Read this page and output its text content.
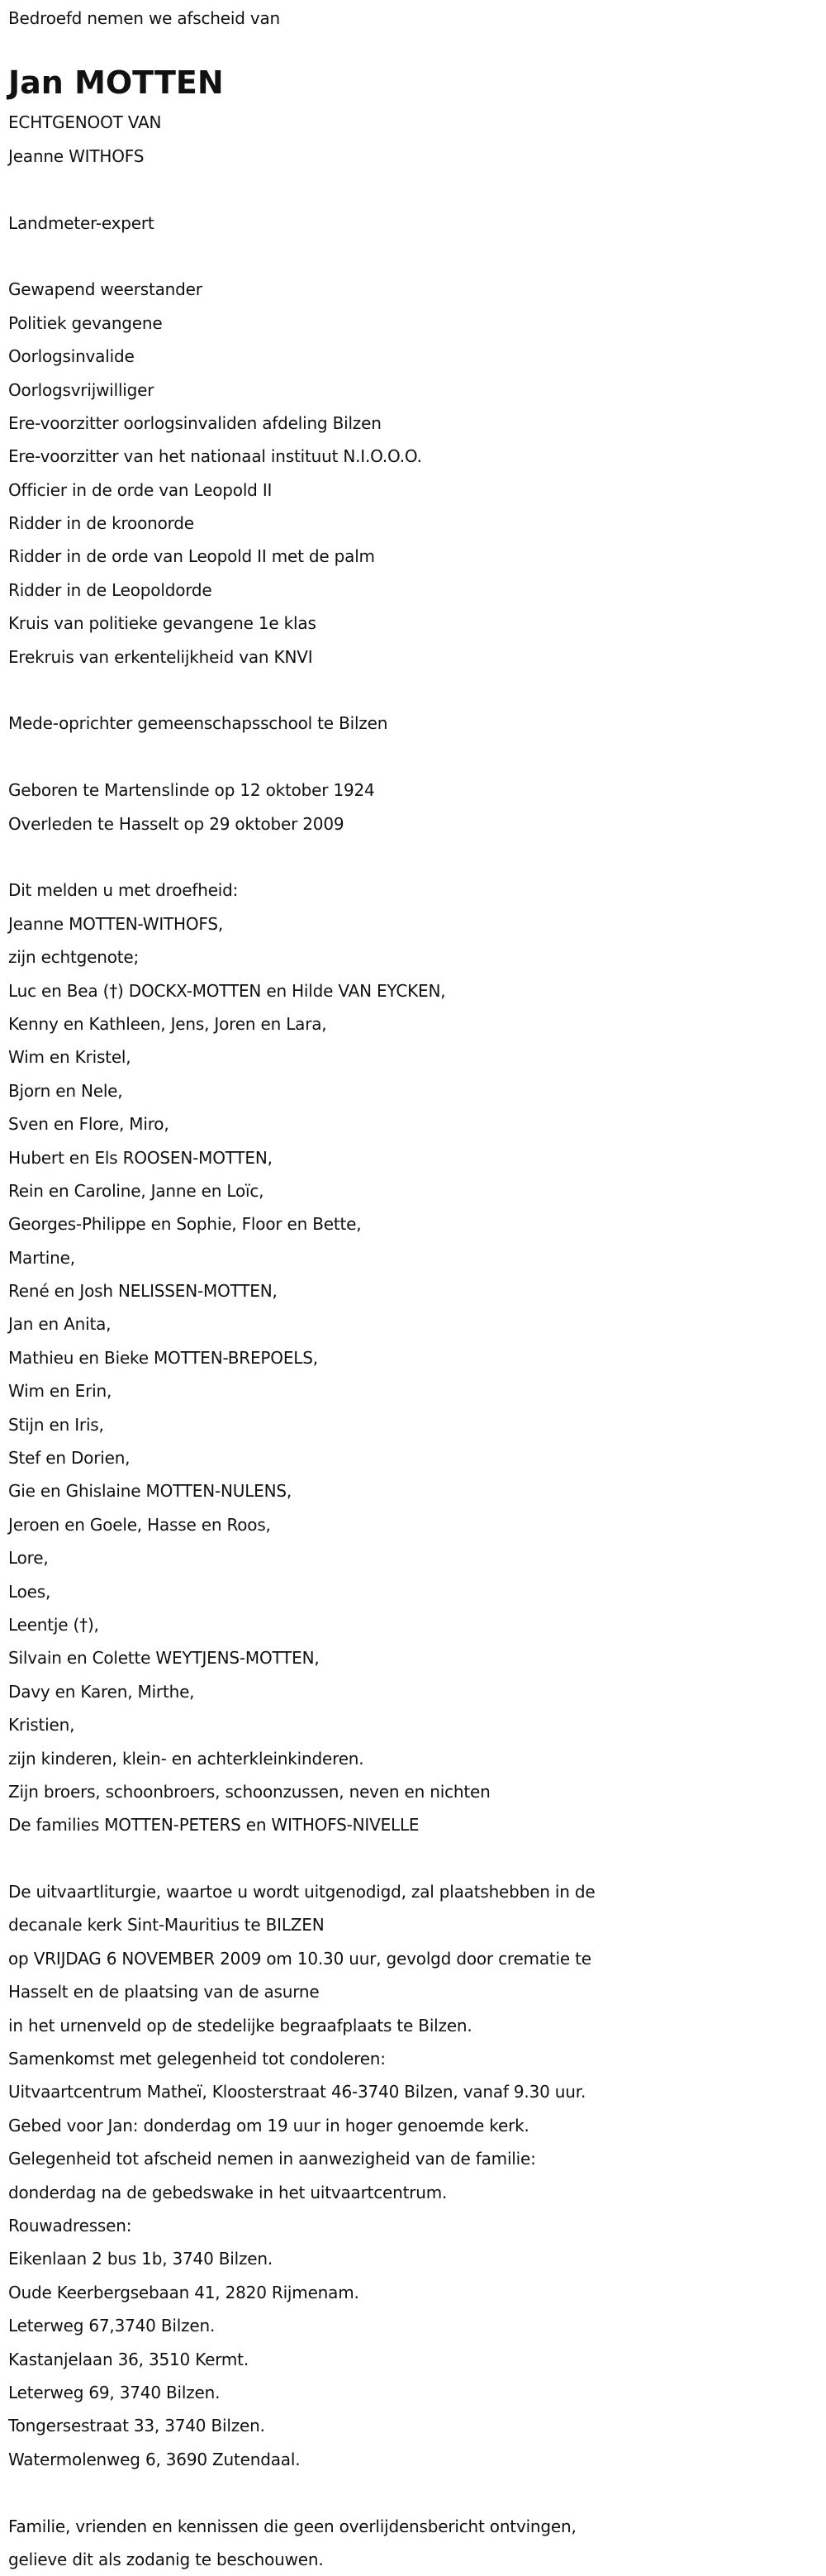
Bedroefd nemen we afscheid van
Jan MOTTEN
ECHTGENOOT VAN
Jeanne WITHOFS
Landmeter-expert
Gewapend weerstander
Politiek gevangene
Oorlogsinvalide
Oorlogsvrijwilliger
Ere-voorzitter oorlogsinvaliden afdeling Bilzen
Ere-voorzitter van het nationaal instituut N.I.O.O.O.
Officier in de orde van Leopold II
Ridder in de kroonorde
Ridder in de orde van Leopold II met de palm
Ridder in de Leopoldorde
Kruis van politieke gevangene 1e klas
Erekruis van erkentelijkheid van KNVI
Mede-oprichter gemeenschapsschool te Bilzen
Geboren te Martenslinde op 12 oktober 1924
Overleden te Hasselt op 29 oktober 2009
Dit melden u met droefheid:
Jeanne MOTTEN-WITHOFS,
zijn echtgenote;
Luc en Bea (†) DOCKX-MOTTEN en Hilde VAN EYCKEN,
Kenny en Kathleen, Jens, Joren en Lara,
Wim en Kristel,
Bjorn en Nele,
Sven en Flore, Miro,
Hubert en Els ROOSEN-MOTTEN,
Rein en Caroline, Janne en Loïc,
Georges-Philippe en Sophie, Floor en Bette,
Martine,
René en Josh NELISSEN-MOTTEN,
Jan en Anita,
Mathieu en Bieke MOTTEN-BREPOELS,
Wim en Erin,
Stijn en Iris,
Stef en Dorien,
Gie en Ghislaine MOTTEN-NULENS,
Jeroen en Goele, Hasse en Roos,
Lore,
Loes,
Leentje (†),
Silvain en Colette WEYTJENS-MOTTEN,
Davy en Karen, Mirthe,
Kristien,
zijn kinderen, klein- en achterkleinkinderen.
Zijn broers, schoonbroers, schoonzussen, neven en nichten
De families MOTTEN-PETERS en WITHOFS-NIVELLE
De uitvaartliturgie, waartoe u wordt uitgenodigd, zal plaatshebben in de
decanale kerk Sint-Mauritius te BILZEN
op VRIJDAG 6 NOVEMBER 2009 om 10.30 uur, gevolgd door crematie te
Hasselt en de plaatsing van de asurne
in het urnenveld op de stedelijke begraafplaats te Bilzen.
Samenkomst met gelegenheid tot condoleren:
Uitvaartcentrum Matheï, Kloosterstraat 46-3740 Bilzen, vanaf 9.30 uur.
Gebed voor Jan: donderdag om 19 uur in hoger genoemde kerk.
Gelegenheid tot afscheid nemen in aanwezigheid van de familie:
donderdag na de gebedswake in het uitvaartcentrum.
Rouwadressen:
Eikenlaan 2 bus 1b, 3740 Bilzen.
Oude Keerbergsebaan 41, 2820 Rijmenam.
Leterweg 67,3740 Bilzen.
Kastanjelaan 36, 3510 Kermt.
Leterweg 69, 3740 Bilzen.
Tongersestraat 33, 3740 Bilzen.
Watermolenweg 6, 3690 Zutendaal.
Familie, vrienden en kennissen die geen overlijdensbericht ontvingen,
gelieve dit als zodanig te beschouwen.
